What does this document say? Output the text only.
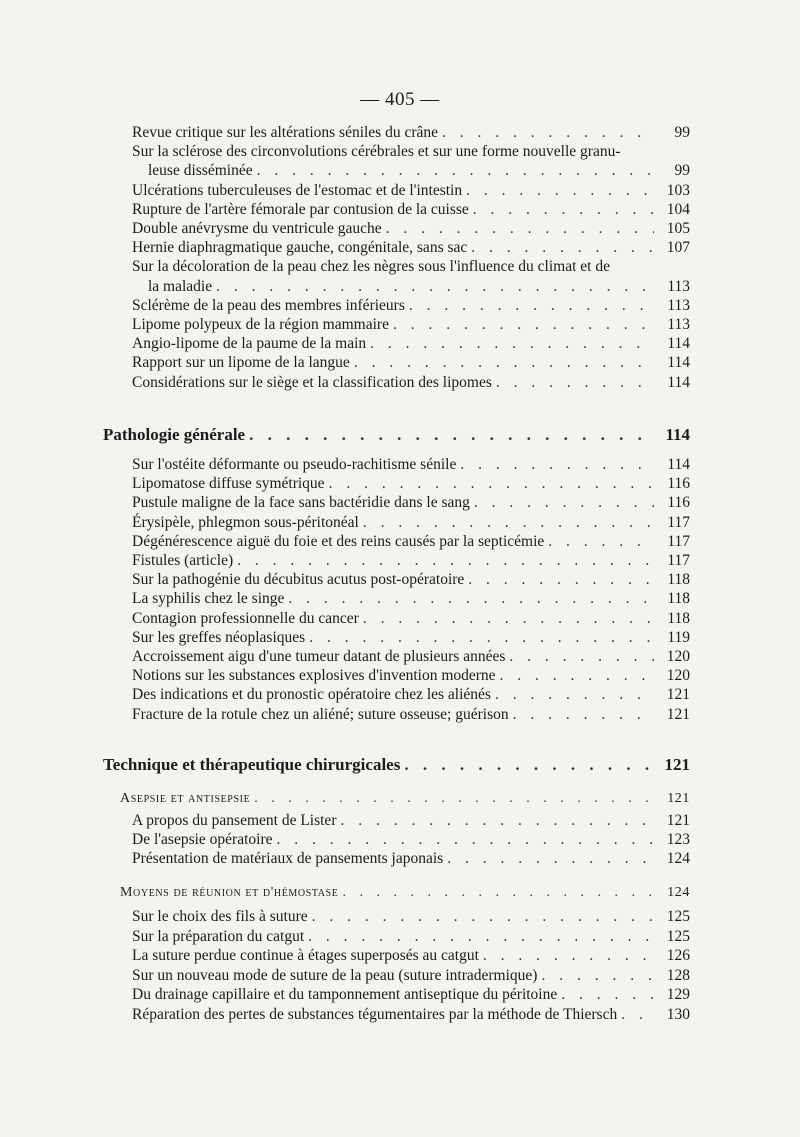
— 405 —
Revue critique sur les altérations séniles du crâne . . .	99
Sur la sclérose des circonvolutions cérébrales et sur une forme nouvelle granu-
leuse disséminée . . .	99
Ulcérations tuberculeuses de l'estomac et de l'intestin . . .	103
Rupture de l'artère fémorale par contusion de la cuisse . . .	104
Double anévrysme du ventricule gauche . . .	105
Hernie diaphragmatique gauche, congénitale, sans sac . . .	107
Sur la décoloration de la peau chez les nègres sous l'influence du climat et de
la maladie . . .	113
Sclérème de la peau des membres inférieurs . . .	113
Lipome polypeux de la région mammaire . . .	113
Angio-lipome de la paume de la main . . .	114
Rapport sur un lipome de la langue . . .	114
Considérations sur le siège et la classification des lipomes . . .	114
Pathologie générale . . .	114
Sur l'ostéite déformante ou pseudo-rachitisme sénile . . .	114
Lipomatose diffuse symétrique . . .	116
Pustule maligne de la face sans bactéridie dans le sang . . .	116
Érysipèle, phlegmon sous-péritonéal . . .	117
Dégénérescence aiguë du foie et des reins causés par la septicémie . . .	117
Fistules (article) . . .	117
Sur la pathogénie du décubitus acutus post-opératoire . . .	118
La syphilis chez le singe . . .	118
Contagion professionnelle du cancer . . .	118
Sur les greffes néoplasiques . . .	119
Accroissement aigu d'une tumeur datant de plusieurs années . . .	120
Notions sur les substances explosives d'invention moderne . . .	120
Des indications et du pronostic opératoire chez les aliénés . . .	121
Fracture de la rotule chez un aliéné; suture osseuse; guérison . . .	121
Technique et thérapeutique chirurgicales . . .	121
Asepsie et antisepsie . . .	121
A propos du pansement de Lister . . .	121
De l'asepsie opératoire . . .	123
Présentation de matériaux de pansements japonais . . .	124
Moyens de réunion et d'hémostase . . .	124
Sur le choix des fils à suture . . .	125
Sur la préparation du catgut . . .	125
La suture perdue continue à étages superposés au catgut . . .	126
Sur un nouveau mode de suture de la peau (suture intradermique) . . .	128
Du drainage capillaire et du tamponnement antiseptique du péritoine . . .	129
Réparation des pertes de substances tégumentaires par la méthode de Thiersch . . .	130
